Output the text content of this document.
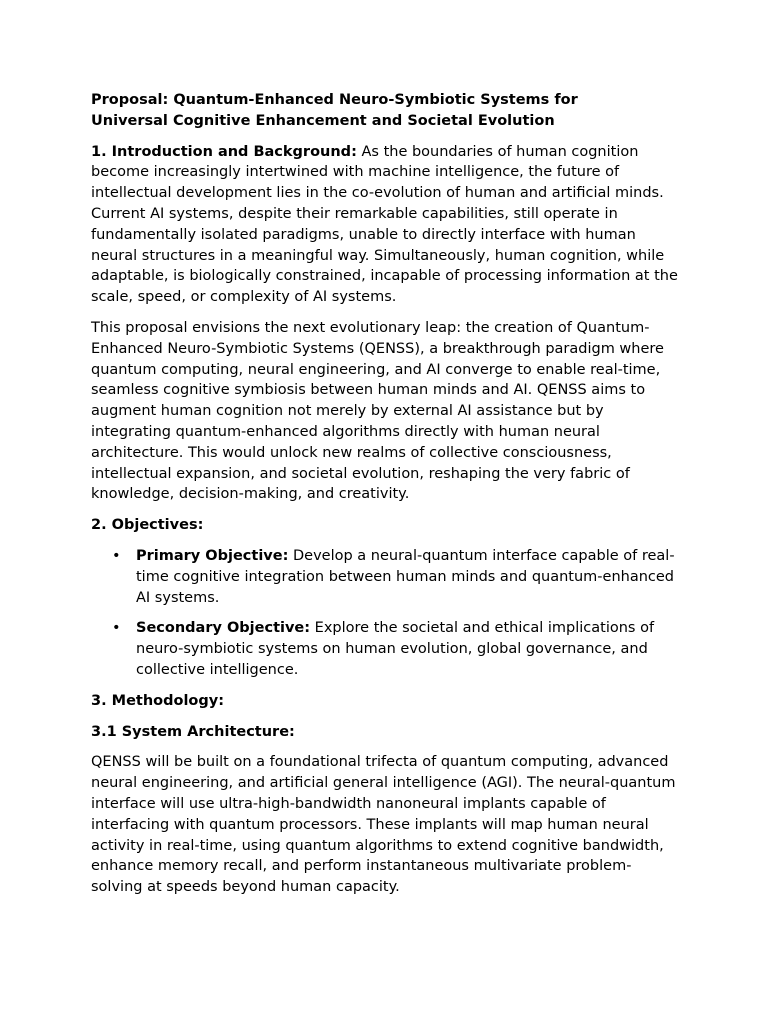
Proposal: Quantum-Enhanced Neuro-Symbiotic Systems for
Universal Cognitive Enhancement and Societal Evolution

1. Introduction and Background: As the boundaries of human cognition become increasingly intertwined with machine intelligence, the future of intellectual development lies in the co-evolution of human and artificial minds. Current AI systems, despite their remarkable capabilities, still operate in fundamentally isolated paradigms, unable to directly interface with human neural structures in a meaningful way. Simultaneously, human cognition, while adaptable, is biologically constrained, incapable of processing information at the scale, speed, or complexity of AI systems.

This proposal envisions the next evolutionary leap: the creation of Quantum-Enhanced Neuro-Symbiotic Systems (QENSS), a breakthrough paradigm where quantum computing, neural engineering, and AI converge to enable real-time, seamless cognitive symbiosis between human minds and AI. QENSS aims to augment human cognition not merely by external AI assistance but by integrating quantum-enhanced algorithms directly with human neural architecture. This would unlock new realms of collective consciousness, intellectual expansion, and societal evolution, reshaping the very fabric of knowledge, decision-making, and creativity.

2. Objectives:
• Primary Objective: Develop a neural-quantum interface capable of real-time cognitive integration between human minds and quantum-enhanced AI systems.
• Secondary Objective: Explore the societal and ethical implications of neuro-symbiotic systems on human evolution, global governance, and collective intelligence.
3. Methodology:
3.1 System Architecture:

QENSS will be built on a foundational trifecta of quantum computing, advanced neural engineering, and artificial general intelligence (AGI). The neural-quantum interface will use ultra-high-bandwidth nanoneural implants capable of interfacing with quantum processors. These implants will map human neural activity in real-time, using quantum algorithms to extend cognitive bandwidth, enhance memory recall, and perform instantaneous multivariate problem-solving at speeds beyond human capacity.
